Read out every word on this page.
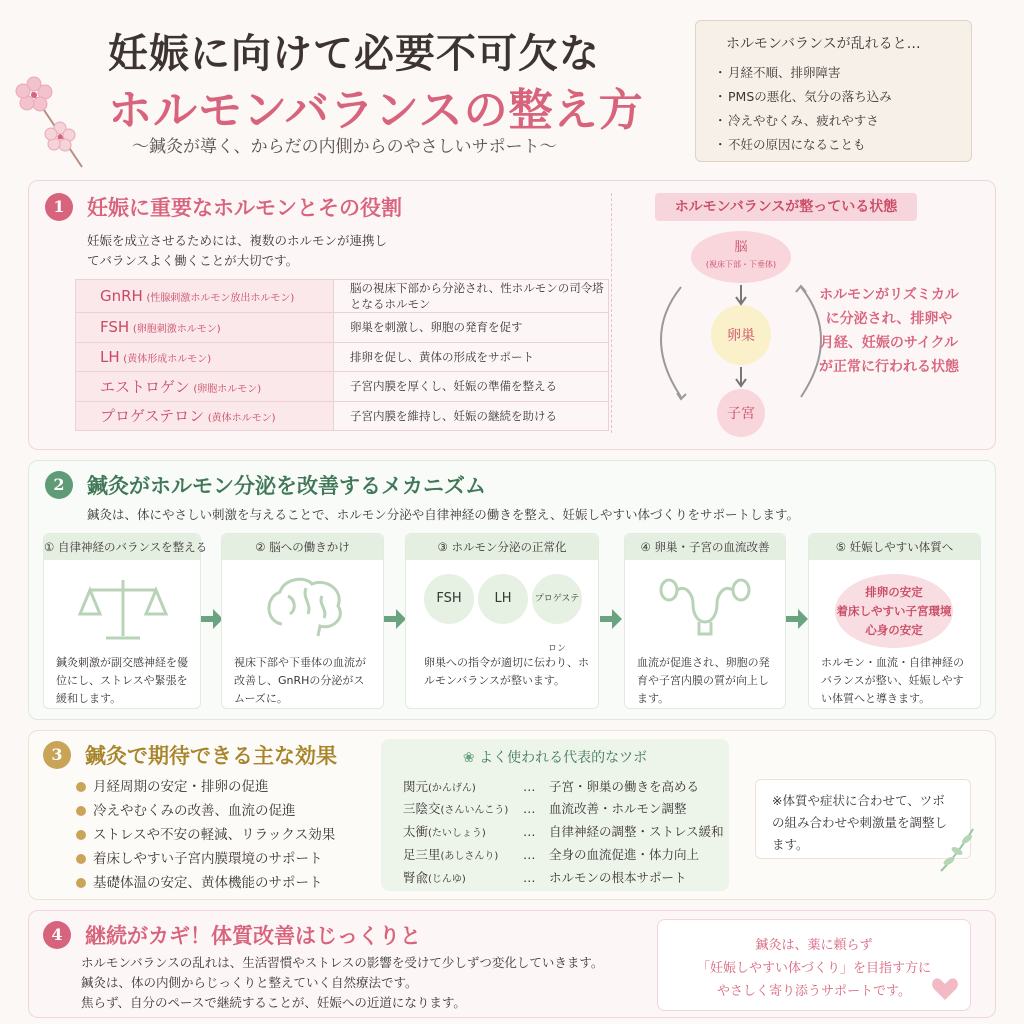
妊娠に向けて必要不可欠な
ホルモンバランスの整え方
〜鍼灸が導く、からだの内側からのやさしいサポート〜
ホルモンバランスが乱れると…
・ 月経不順、排卵障害
・ PMSの悪化、気分の落ち込み
・ 冷えやむくみ、疲れやすさ
・ 不妊の原因になることも
1	妊娠に重要なホルモンとその役割
妊娠を成立させるためには、複数のホルモンが連携してバランスよく働くことが大切です。
GnRH (性腺刺激ホルモン放出ホルモン)	脳の視床下部から分泌され、性ホルモンの司令塔となるホルモン
FSH (卵胞刺激ホルモン)	卵巣を刺激し、卵胞の発育を促す
LH (黄体形成ホルモン)	排卵を促し、黄体の形成をサポート
エストロゲン (卵胞ホルモン)	子宮内膜を厚くし、妊娠の準備を整える
プロゲステロン (黄体ホルモン)	子宮内膜を維持し、妊娠の継続を助ける
ホルモンバランスが整っている状態
脳
(視床下部・下垂体)
卵巣
子宮
ホルモンがリズミカルに分泌され、排卵や月経、妊娠のサイクルが正常に行われる状態
2	鍼灸がホルモン分泌を改善するメカニズム
鍼灸は、体にやさしい刺激を与えることで、ホルモン分泌や自律神経の働きを整え、妊娠しやすい体づくりをサポートします。
① 自律神経のバランスを整える
鍼灸刺激が副交感神経を優位にし、ストレスや緊張を緩和します。
② 脳への働きかけ
視床下部や下垂体の血流が改善し、GnRHの分泌がスムーズに。
③ ホルモン分泌の正常化
FSH	LH	プロゲステロン
卵巣への指令が適切に伝わり、ホルモンバランスが整います。
④ 卵巣・子宮の血流改善
血流が促進され、卵胞の発育や子宮内膜の質が向上します。
⑤ 妊娠しやすい体質へ
排卵の安定
着床しやすい子宮環境
心身の安定
ホルモン・血流・自律神経のバランスが整い、妊娠しやすい体質へと導きます。
3	鍼灸で期待できる主な効果
月経周期の安定・排卵の促進
冷えやむくみの改善、血流の促進
ストレスや不安の軽減、リラックス効果
着床しやすい子宮内膜環境のサポート
基礎体温の安定、黄体機能のサポート
❀ よく使われる代表的なツボ
関元(かんげん)	… 子宮・卵巣の働きを高める
三陰交(さんいんこう) … 血流改善・ホルモン調整
太衝(たいしょう)	… 自律神経の調整・ストレス緩和
足三里(あしさんり) … 全身の血流促進・体力向上
腎兪(じんゆ)	… ホルモンの根本サポート
※体質や症状に合わせて、ツボの組み合わせや刺激量を調整します。
4	継続がカギ！体質改善はじっくりと
ホルモンバランスの乱れは、生活習慣やストレスの影響を受けて少しずつ変化していきます。
鍼灸は、体の内側からじっくりと整えていく自然療法です。
焦らず、自分のペースで継続することが、妊娠への近道になります。
鍼灸は、薬に頼らず
「妊娠しやすい体づくり」を目指す方に
やさしく寄り添うサポートです。
